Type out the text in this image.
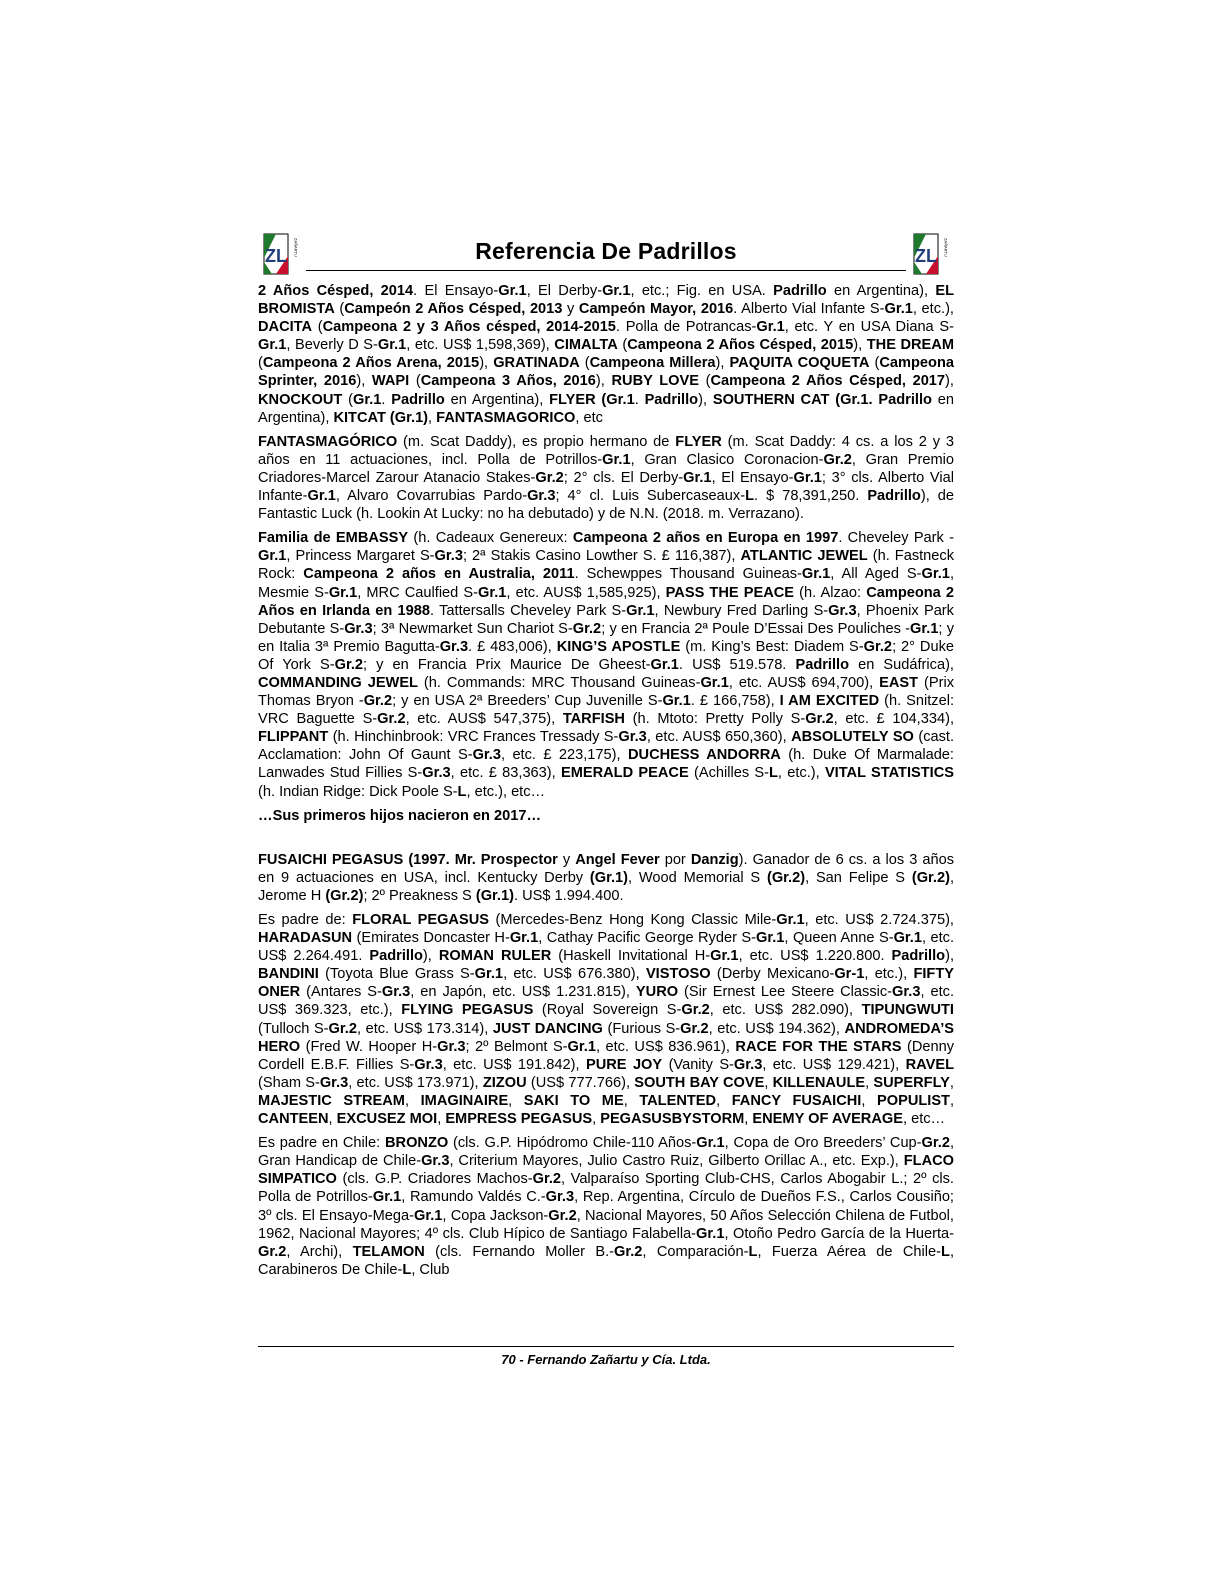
ZL ZAÑARTU	Referencia De Padrillos	ZL ZAÑARTU

2 Años Césped, 2014. El Ensayo-Gr.1, El Derby-Gr.1, etc.; Fig. en USA. Padrillo en Argentina), EL BROMISTA (Campeón 2 Años Césped, 2013 y Campeón Mayor, 2016. Alberto Vial Infante S-Gr.1, etc.), DACITA (Campeona 2 y 3 Años césped, 2014-2015. Polla de Potrancas-Gr.1, etc. Y en USA Diana S-Gr.1, Beverly D S-Gr.1, etc. US$ 1,598,369), CIMALTA (Campeona 2 Años Césped, 2015), THE DREAM (Campeona 2 Años Arena, 2015), GRATINADA (Campeona Millera), PAQUITA COQUETA (Campeona Sprinter, 2016), WAPI (Campeona 3 Años, 2016), RUBY LOVE (Campeona 2 Años Césped, 2017), KNOCKOUT (Gr.1. Padrillo en Argentina), FLYER (Gr.1. Padrillo), SOUTHERN CAT (Gr.1. Padrillo en Argentina), KITCAT (Gr.1), FANTASMAGORICO, etc

FANTASMAGÓRICO (m. Scat Daddy), es propio hermano de FLYER (m. Scat Daddy: 4 cs. a los 2 y 3 años en 11 actuaciones, incl. Polla de Potrillos-Gr.1, Gran Clasico Coronacion-Gr.2, Gran Premio Criadores-Marcel Zarour Atanacio Stakes-Gr.2; 2° cls. El Derby-Gr.1, El Ensayo-Gr.1; 3° cls. Alberto Vial Infante-Gr.1, Alvaro Covarrubias Pardo-Gr.3; 4° cl. Luis Subercaseaux-L. $ 78,391,250. Padrillo), de Fantastic Luck (h. Lookin At Lucky: no ha debutado) y de N.N. (2018. m. Verrazano).

Familia de EMBASSY (h. Cadeaux Genereux: Campeona 2 años en Europa en 1997. Cheveley Park -Gr.1, Princess Margaret S-Gr.3; 2ª Stakis Casino Lowther S. £ 116,387), ATLANTIC JEWEL (h. Fastneck Rock: Campeona 2 años en Australia, 2011. Schewppes Thousand Guineas-Gr.1, All Aged S-Gr.1, Mesmie S-Gr.1, MRC Caulfied S-Gr.1, etc. AUS$ 1,585,925), PASS THE PEACE (h. Alzao: Campeona 2 Años en Irlanda en 1988. Tattersalls Cheveley Park S-Gr.1, Newbury Fred Darling S-Gr.3, Phoenix Park Debutante S-Gr.3; 3ª Newmarket Sun Chariot S-Gr.2; y en Francia 2ª Poule D’Essai Des Pouliches -Gr.1; y en Italia 3ª Premio Bagutta-Gr.3. £ 483,006), KING’S APOSTLE (m. King’s Best: Diadem S-Gr.2; 2° Duke Of York S-Gr.2; y en Francia Prix Maurice De Gheest-Gr.1. US$ 519.578. Padrillo en Sudáfrica), COMMANDING JEWEL (h. Commands: MRC Thousand Guineas-Gr.1, etc. AUS$ 694,700), EAST (Prix Thomas Bryon -Gr.2; y en USA 2ª Breeders’ Cup Juvenille S-Gr.1. £ 166,758), I AM EXCITED (h. Snitzel: VRC Baguette S-Gr.2, etc. AUS$ 547,375), TARFISH (h. Mtoto: Pretty Polly S-Gr.2, etc. £ 104,334), FLIPPANT (h. Hinchinbrook: VRC Frances Tressady S-Gr.3, etc. AUS$ 650,360), ABSOLUTELY SO (cast. Acclamation: John Of Gaunt S-Gr.3, etc. £ 223,175), DUCHESS ANDORRA (h. Duke Of Marmalade: Lanwades Stud Fillies S-Gr.3, etc. £ 83,363), EMERALD PEACE (Achilles S-L, etc.), VITAL STATISTICS (h. Indian Ridge: Dick Poole S-L, etc.), etc…

…Sus primeros hijos nacieron en 2017…

FUSAICHI PEGASUS (1997. Mr. Prospector y Angel Fever por Danzig). Ganador de 6 cs. a los 3 años en 9 actuaciones en USA, incl. Kentucky Derby (Gr.1), Wood Memorial S (Gr.2), San Felipe S (Gr.2), Jerome H (Gr.2); 2º Preakness S (Gr.1). US$ 1.994.400.

Es padre de: FLORAL PEGASUS (Mercedes-Benz Hong Kong Classic Mile-Gr.1, etc. US$ 2.724.375), HARADASUN (Emirates Doncaster H-Gr.1, Cathay Pacific George Ryder S-Gr.1, Queen Anne S-Gr.1, etc. US$ 2.264.491. Padrillo), ROMAN RULER (Haskell Invitational H-Gr.1, etc. US$ 1.220.800. Padrillo), BANDINI (Toyota Blue Grass S-Gr.1, etc. US$ 676.380), VISTOSO (Derby Mexicano-Gr-1, etc.), FIFTY ONER (Antares S-Gr.3, en Japón, etc. US$ 1.231.815), YURO (Sir Ernest Lee Steere Classic-Gr.3, etc. US$ 369.323, etc.), FLYING PEGASUS (Royal Sovereign S-Gr.2, etc. US$ 282.090), TIPUNGWUTI (Tulloch S-Gr.2, etc. US$ 173.314), JUST DANCING (Furious S-Gr.2, etc. US$ 194.362), ANDROMEDA’S HERO (Fred W. Hooper H-Gr.3; 2º Belmont S-Gr.1, etc. US$ 836.961), RACE FOR THE STARS (Denny Cordell E.B.F. Fillies S-Gr.3, etc. US$ 191.842), PURE JOY (Vanity S-Gr.3, etc. US$ 129.421), RAVEL (Sham S-Gr.3, etc. US$ 173.971), ZIZOU (US$ 777.766), SOUTH BAY COVE, KILLENAULE, SUPERFLY, MAJESTIC STREAM, IMAGINAIRE, SAKI TO ME, TALENTED, FANCY FUSAICHI, POPULIST, CANTEEN, EXCUSEZ MOI, EMPRESS PEGASUS, PEGASUSBYSTORM, ENEMY OF AVERAGE, etc…

Es padre en Chile: BRONZO (cls. G.P. Hipódromo Chile-110 Años-Gr.1, Copa de Oro Breeders’ Cup-Gr.2, Gran Handicap de Chile-Gr.3, Criterium Mayores, Julio Castro Ruiz, Gilberto Orillac A., etc. Exp.), FLACO SIMPATICO (cls. G.P. Criadores Machos-Gr.2, Valparaíso Sporting Club-CHS, Carlos Abogabir L.; 2º cls. Polla de Potrillos-Gr.1, Ramundo Valdés C.-Gr.3, Rep. Argentina, Círculo de Dueños F.S., Carlos Cousiño; 3º cls. El Ensayo-Mega-Gr.1, Copa Jackson-Gr.2, Nacional Mayores, 50 Años Selección Chilena de Futbol, 1962, Nacional Mayores; 4º cls. Club Hípico de Santiago Falabella-Gr.1, Otoño Pedro García de la Huerta-Gr.2, Archi), TELAMON (cls. Fernando Moller B.-Gr.2, Comparación-L, Fuerza Aérea de Chile-L, Carabineros De Chile-L, Club

70 - Fernando Zañartu y Cía. Ltda.
